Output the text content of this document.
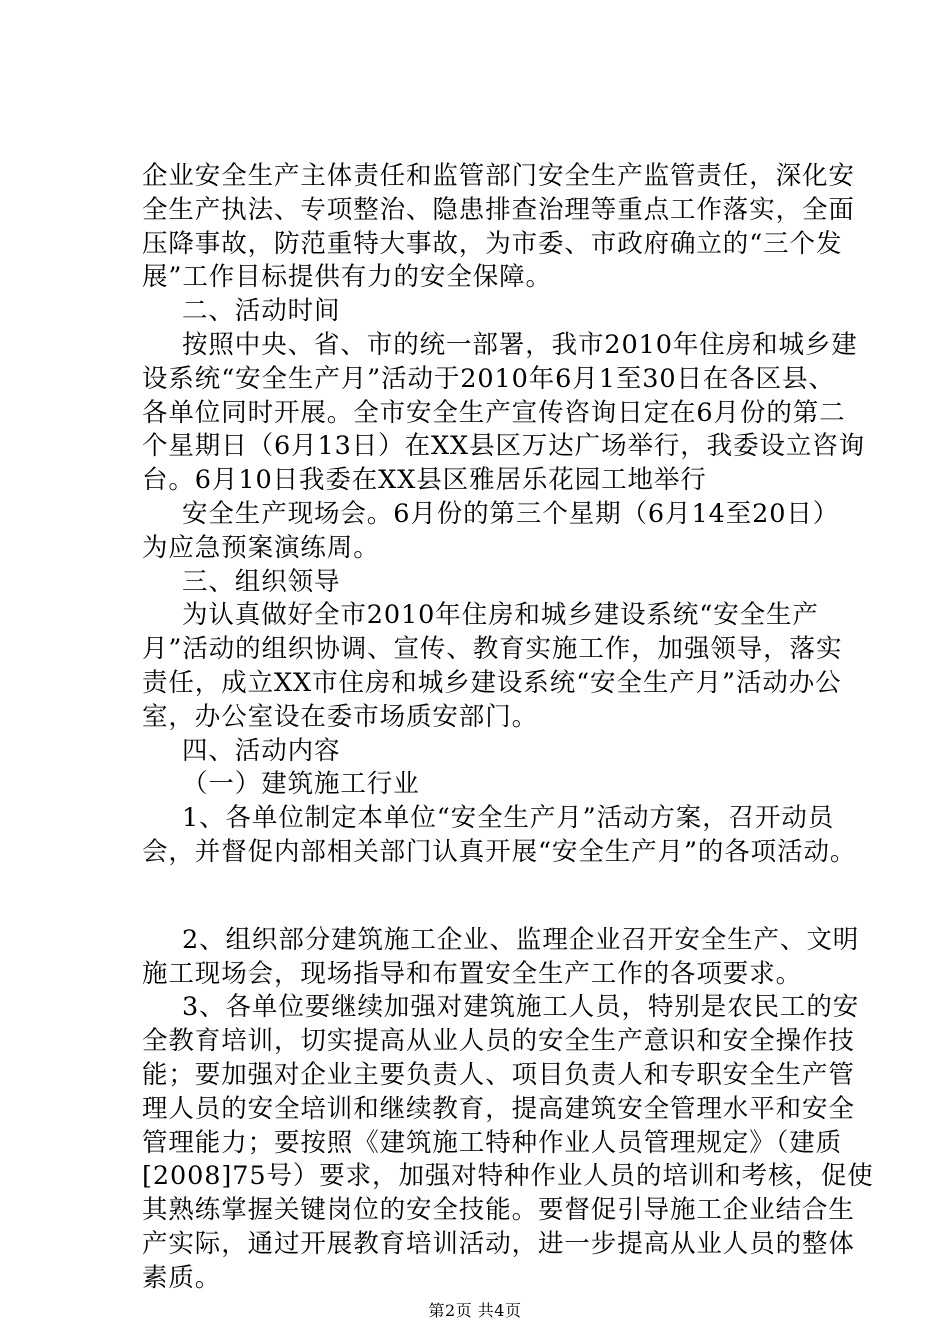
企业安全生产主体责任和监管部门安全生产监管责任，深化安
全生产执法、专项整治、隐患排查治理等重点工作落实，全面
压降事故，防范重特大事故，为市委、市政府确立的“三个发
展”工作目标提供有力的安全保障。
二、活动时间
按照中央、省、市的统一部署，我市2010年住房和城乡建
设系统“安全生产月”活动于2010年6月1至30日在各区县、
各单位同时开展。全市安全生产宣传咨询日定在6月份的第二
个星期日（6月13日）在XX县区万达广场举行，我委设立咨询
台。6月10日我委在XX县区雅居乐花园工地举行
安全生产现场会。6月份的第三个星期（6月14至20日）
为应急预案演练周。
三、组织领导
为认真做好全市2010年住房和城乡建设系统“安全生产
月”活动的组织协调、宣传、教育实施工作，加强领导，落实
责任，成立XX市住房和城乡建设系统“安全生产月”活动办公
室，办公室设在委市场质安部门。
四、活动内容
（一）建筑施工行业
1、各单位制定本单位“安全生产月”活动方案，召开动员
会，并督促内部相关部门认真开展“安全生产月”的各项活动。
2、组织部分建筑施工企业、监理企业召开安全生产、文明
施工现场会，现场指导和布置安全生产工作的各项要求。
3、各单位要继续加强对建筑施工人员，特别是农民工的安
全教育培训，切实提高从业人员的安全生产意识和安全操作技
能；要加强对企业主要负责人、项目负责人和专职安全生产管
理人员的安全培训和继续教育，提高建筑安全管理水平和安全
管理能力；要按照《建筑施工特种作业人员管理规定》（建质
[2008]75号）要求，加强对特种作业人员的培训和考核，促使
其熟练掌握关键岗位的安全技能。要督促引导施工企业结合生
产实际，通过开展教育培训活动，进一步提高从业人员的整体
素质。
第2页 共4页
